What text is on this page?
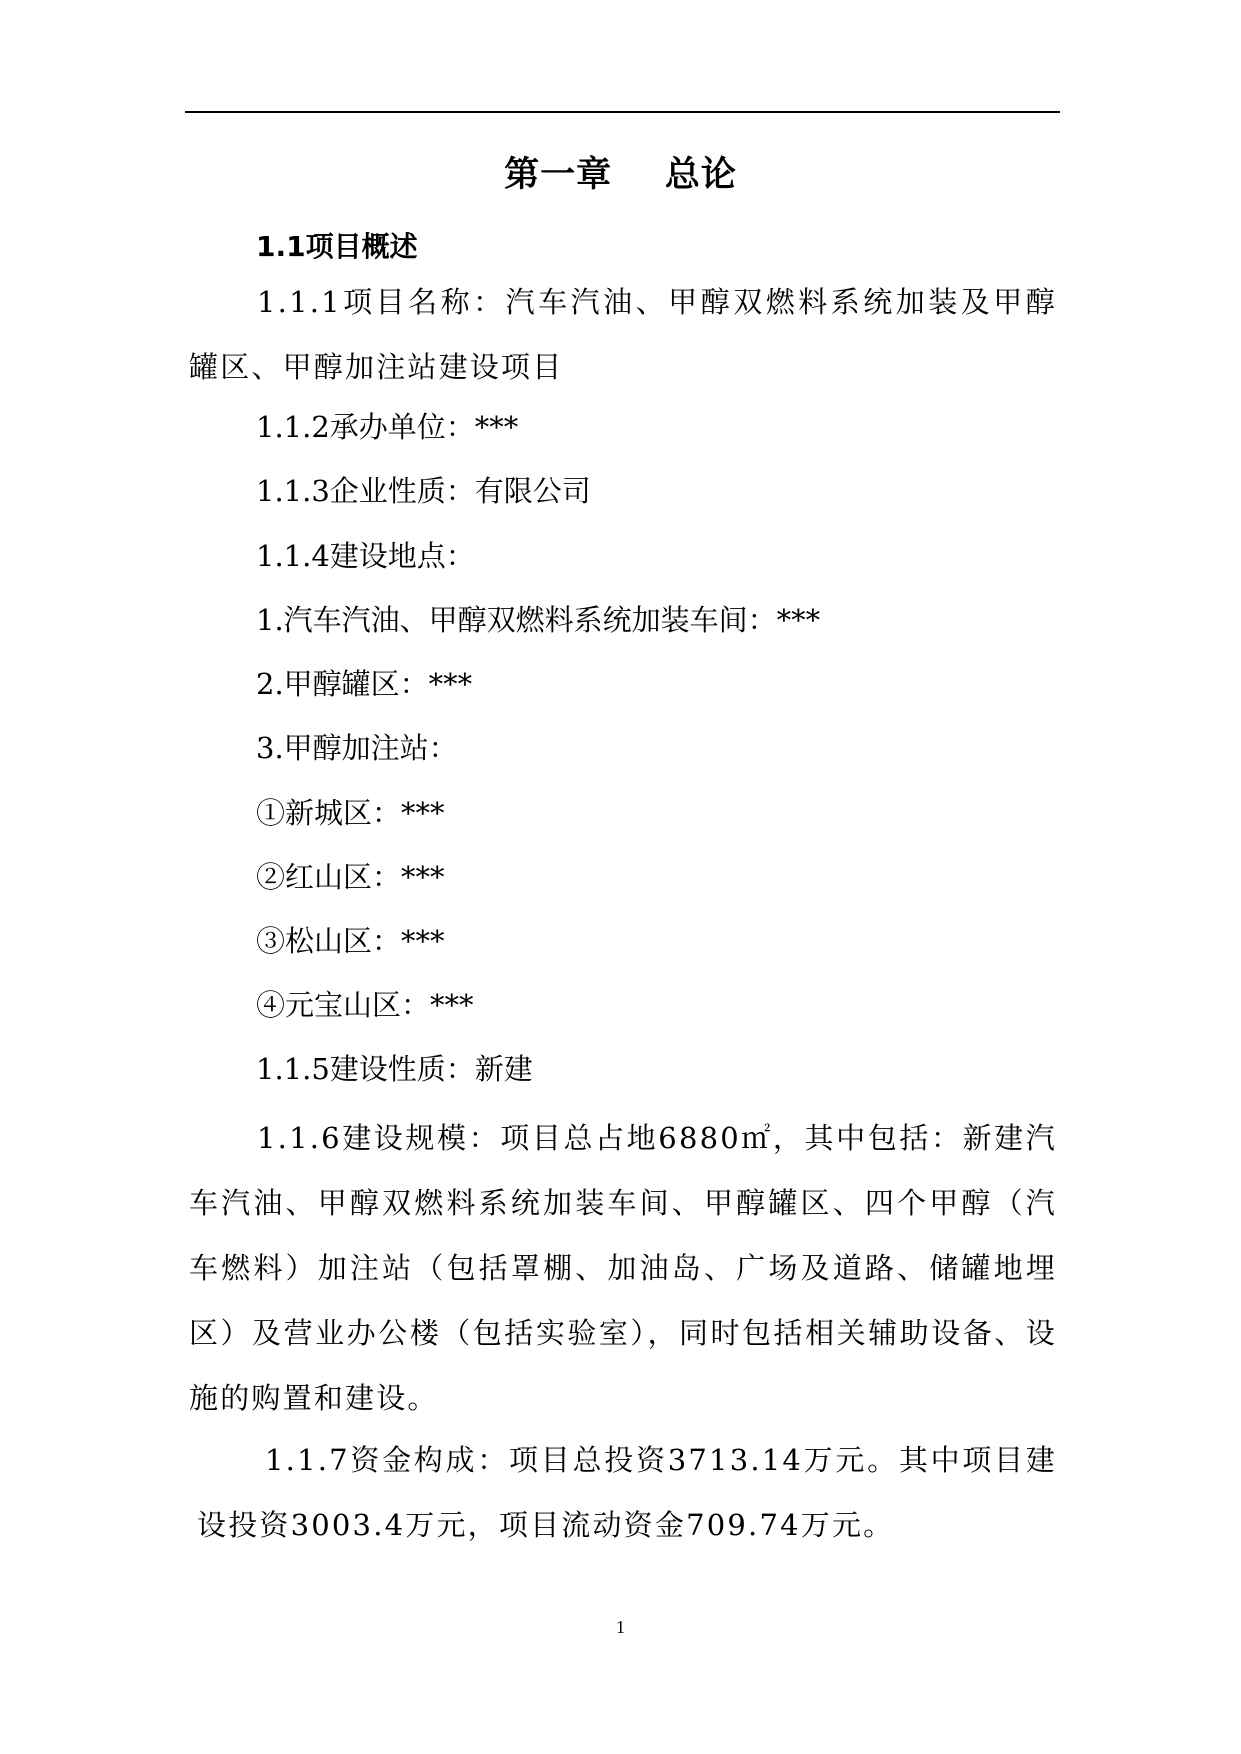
第一章    总论
1.1项目概述
1.1.1项目名称：汽车汽油、甲醇双燃料系统加装及甲醇罐区、甲醇加注站建设项目
1.1.2承办单位：***
1.1.3企业性质：有限公司
1.1.4建设地点：
1.汽车汽油、甲醇双燃料系统加装车间：***
2.甲醇罐区：***
3.甲醇加注站：
①新城区：***
②红山区：***
③松山区：***
④元宝山区：***
1.1.5建设性质：新建
1.1.6建设规模：项目总占地6880㎡，其中包括：新建汽车汽油、甲醇双燃料系统加装车间、甲醇罐区、四个甲醇（汽车燃料）加注站（包括罩棚、加油岛、广场及道路、储罐地埋区）及营业办公楼（包括实验室），同时包括相关辅助设备、设施的购置和建设。
1.1.7资金构成：项目总投资3713.14万元。其中项目建设投资3003.4万元，项目流动资金709.74万元。
1
